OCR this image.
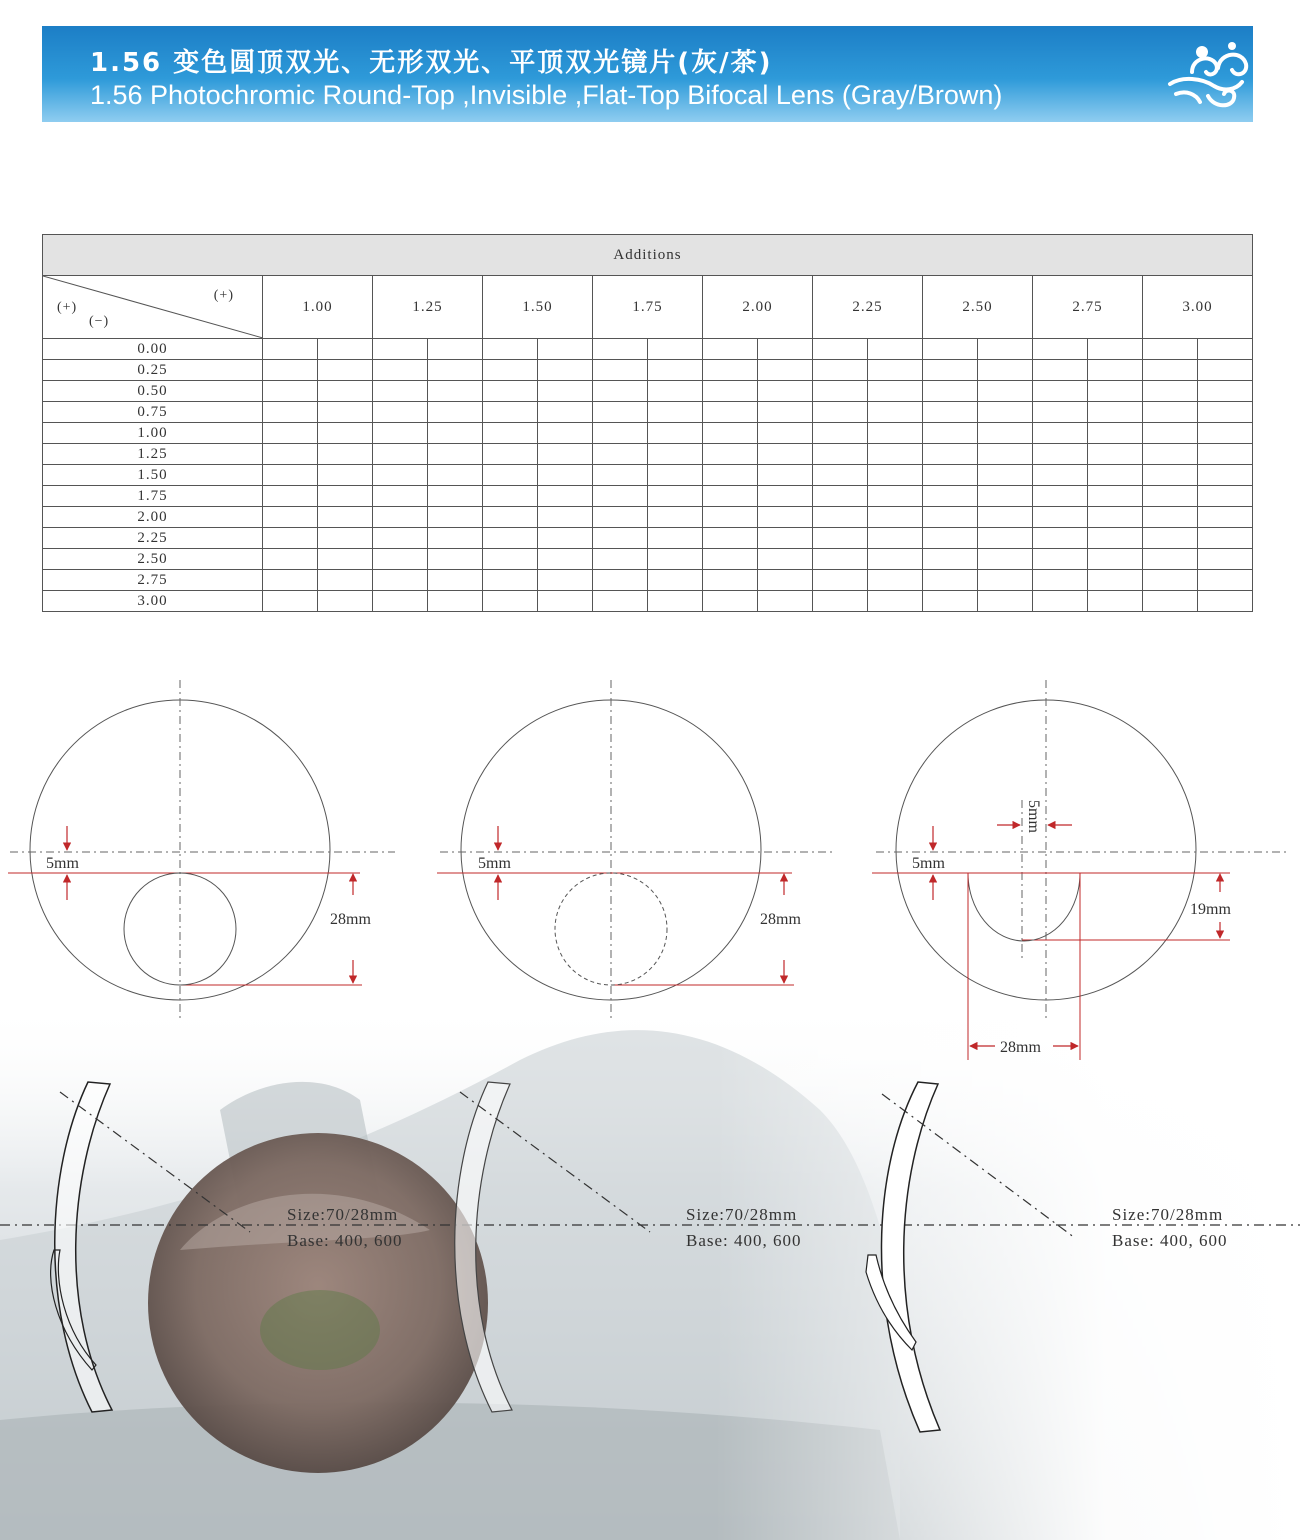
1.56 变色圆顶双光、无形双光、平顶双光镜片(灰/茶)
1.56 Photochromic Round-Top ,Invisible ,Flat-Top Bifocal Lens (Gray/Brown)
Additions																		

(+)
(+)
(−)	1.00		1.25		1.50		1.75		2.00		2.25		2.50		2.75		3.00	
0.00																		
0.25																		
0.50																		
0.75																		
1.00																		
1.25																		
1.50																		
1.75																		
2.00																		
2.25																		
2.50																		
2.75																		
3.00																		
5mm
28mm
5mm
28mm
5mm
5mm
19mm
28mm
Size:70/28mm
Base: 400, 600
Size:70/28mm
Base: 400, 600
Size:70/28mm
Base: 400, 600
